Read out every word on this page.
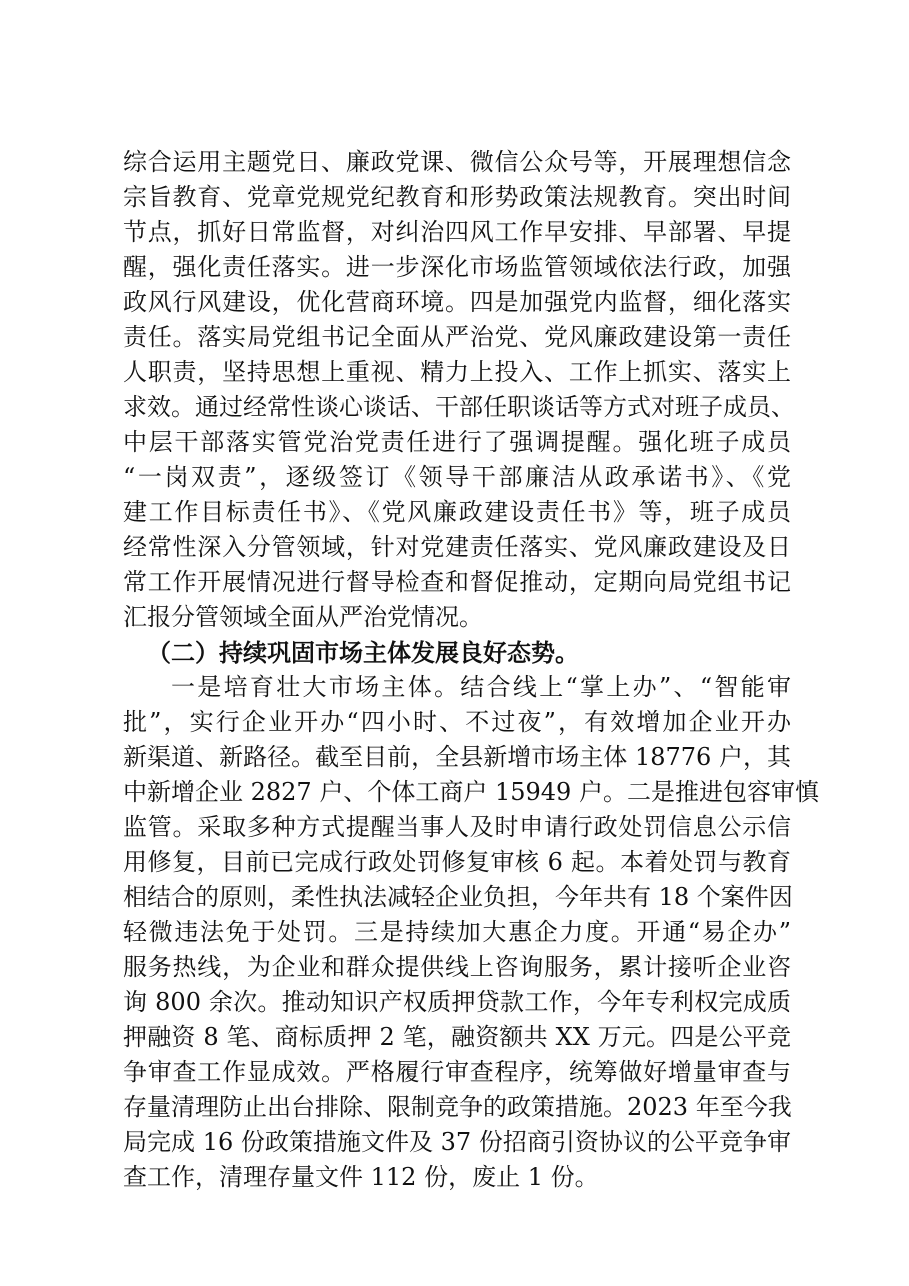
综合运用主题党日、廉政党课、微信公众号等，开展理想信念
宗旨教育、党章党规党纪教育和形势政策法规教育。突出时间
节点，抓好日常监督，对纠治四风工作早安排、早部署、早提
醒，强化责任落实。进一步深化市场监管领域依法行政，加强
政风行风建设，优化营商环境。四是加强党内监督，细化落实
责任。落实局党组书记全面从严治党、党风廉政建设第一责任
人职责，坚持思想上重视、精力上投入、工作上抓实、落实上
求效。通过经常性谈心谈话、干部任职谈话等方式对班子成员、
中层干部落实管党治党责任进行了强调提醒。强化班子成员
“一岗双责”，逐级签订《领导干部廉洁从政承诺书》、《党
建工作目标责任书》、《党风廉政建设责任书》等，班子成员
经常性深入分管领域，针对党建责任落实、党风廉政建设及日
常工作开展情况进行督导检查和督促推动，定期向局党组书记
汇报分管领域全面从严治党情况。
（二）持续巩固市场主体发展良好态势。
一是培育壮大市场主体。结合线上“掌上办”、“智能审
批”，实行企业开办“四小时、不过夜”，有效增加企业开办
新渠道、新路径。截至目前，全县新增市场主体 18776 户，其
中新增企业 2827 户、个体工商户 15949 户。二是推进包容审慎
监管。采取多种方式提醒当事人及时申请行政处罚信息公示信
用修复，目前已完成行政处罚修复审核 6 起。本着处罚与教育
相结合的原则，柔性执法减轻企业负担，今年共有 18 个案件因
轻微违法免于处罚。三是持续加大惠企力度。开通“易企办”
服务热线，为企业和群众提供线上咨询服务，累计接听企业咨
询 800 余次。推动知识产权质押贷款工作，今年专利权完成质
押融资 8 笔、商标质押 2 笔，融资额共 XX 万元。四是公平竞
争审查工作显成效。严格履行审查程序，统筹做好增量审查与
存量清理防止出台排除、限制竞争的政策措施。2023 年至今我
局完成 16 份政策措施文件及 37 份招商引资协议的公平竞争审
查工作，清理存量文件 112 份，废止 1 份。
